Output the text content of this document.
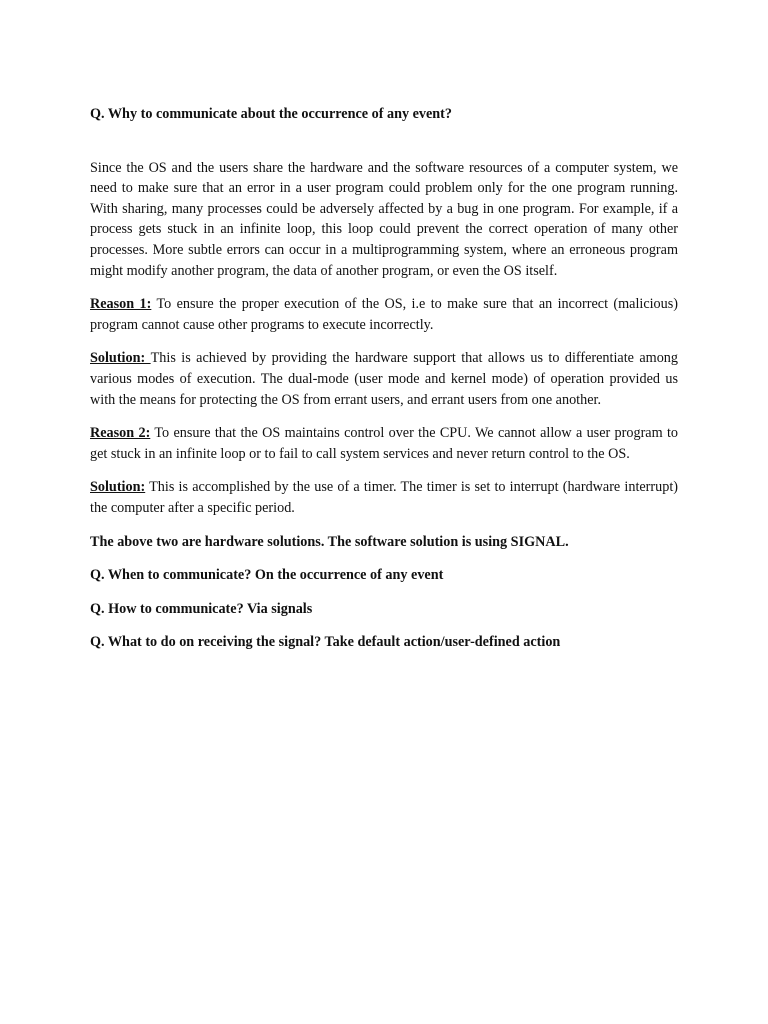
Q. Why to communicate about the occurrence of any event?

Since the OS and the users share the hardware and the software resources of a computer system, we need to make sure that an error in a user program could problem only for the one program running. With sharing, many processes could be adversely affected by a bug in one program. For example, if a process gets stuck in an infinite loop, this loop could prevent the correct operation of many other processes. More subtle errors can occur in a multiprogramming system, where an erroneous program might modify another program, the data of another program, or even the OS itself.

Reason 1: To ensure the proper execution of the OS, i.e to make sure that an incorrect (malicious) program cannot cause other programs to execute incorrectly.

Solution: This is achieved by providing the hardware support that allows us to differentiate among various modes of execution. The dual-mode (user mode and kernel mode) of operation provided us with the means for protecting the OS from errant users, and errant users from one another.

Reason 2: To ensure that the OS maintains control over the CPU. We cannot allow a user program to get stuck in an infinite loop or to fail to call system services and never return control to the OS.

Solution: This is accomplished by the use of a timer. The timer is set to interrupt (hardware interrupt) the computer after a specific period.

The above two are hardware solutions. The software solution is using SIGNAL.

Q. When to communicate? On the occurrence of any event

Q. How to communicate? Via signals

Q. What to do on receiving the signal? Take default action/user-defined action
